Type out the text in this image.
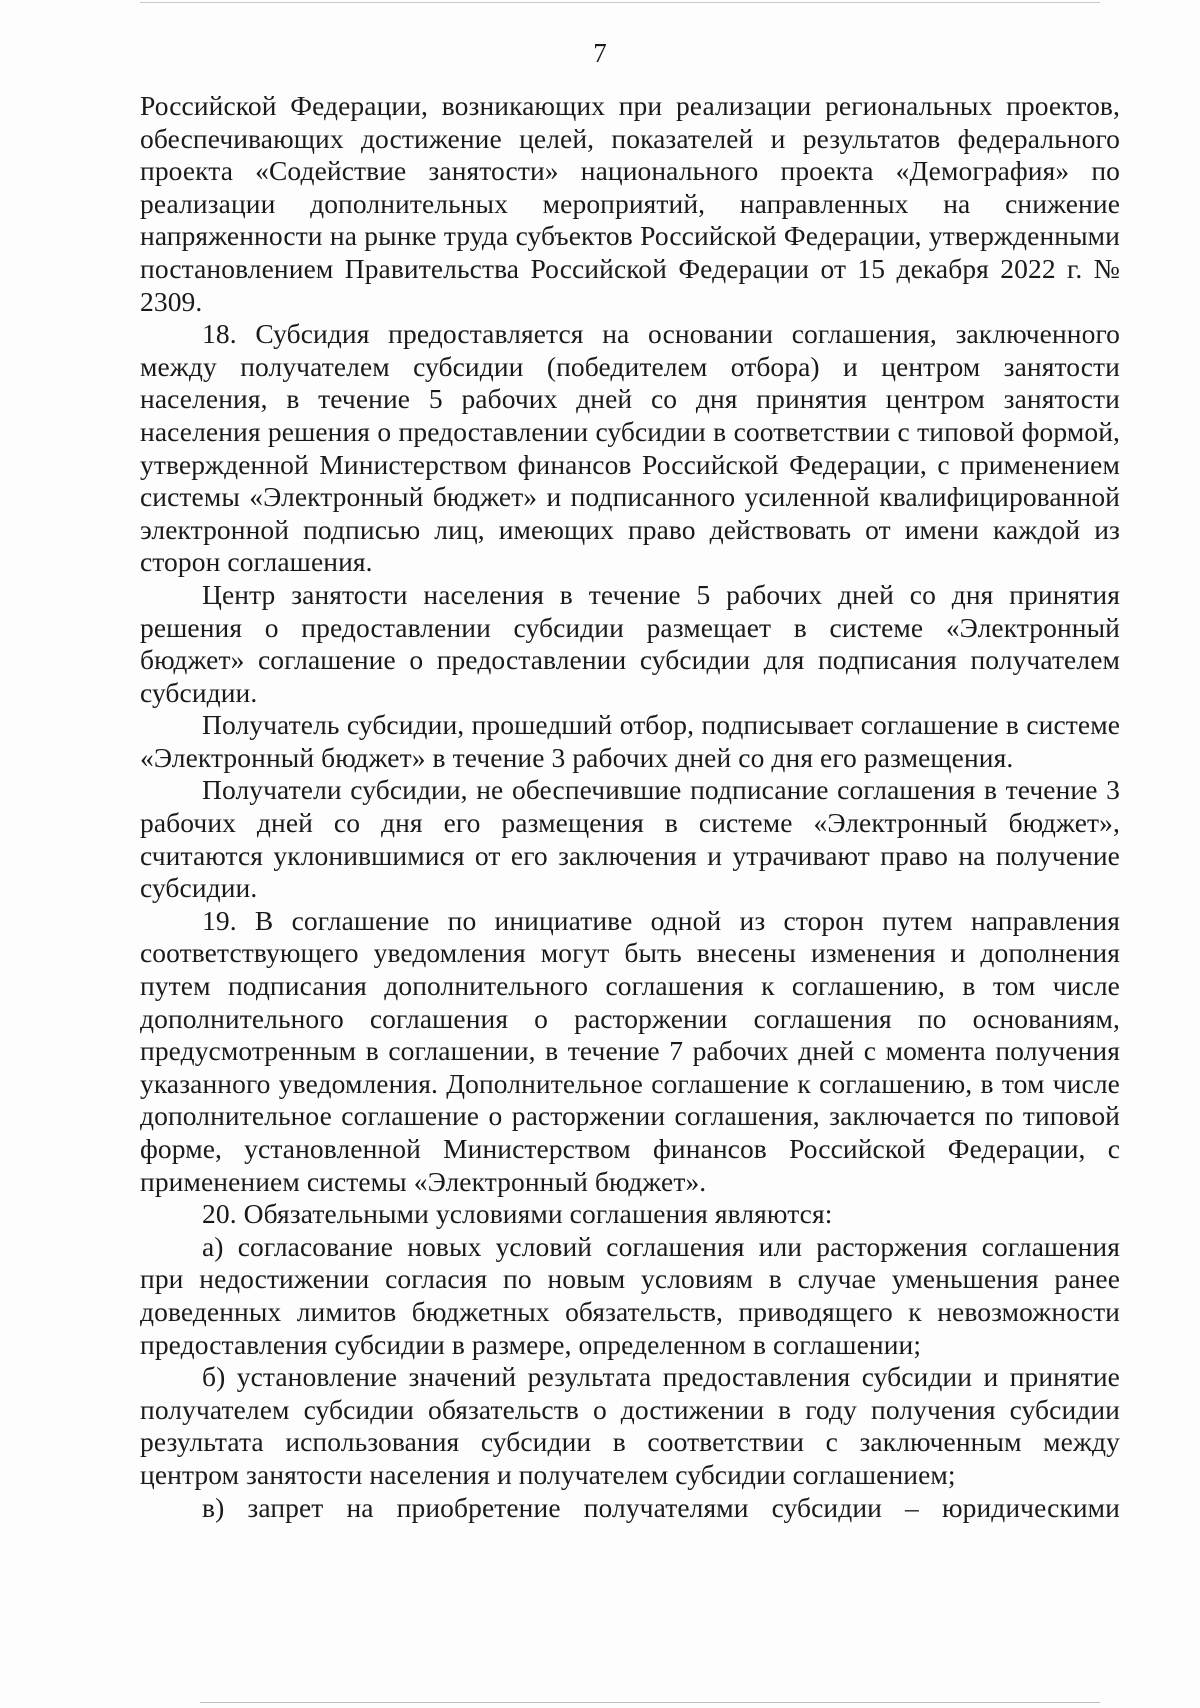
7

Российской Федерации, возникающих при реализации региональных проектов, обеспечивающих достижение целей, показателей и результатов федерального проекта «Содействие занятости» национального проекта «Демография» по реализации дополнительных мероприятий, направленных на снижение напряженности на рынке труда субъектов Российской Федерации, утвержденными постановлением Правительства Российской Федерации от 15 декабря 2022 г. № 2309.

18. Субсидия предоставляется на основании соглашения, заключенного между получателем субсидии (победителем отбора) и центром занятости населения, в течение 5 рабочих дней со дня принятия центром занятости населения решения о предоставлении субсидии в соответствии с типовой формой, утвержденной Министерством финансов Российской Федерации, с применением системы «Электронный бюджет» и подписанного усиленной квалифицированной электронной подписью лиц, имеющих право действовать от имени каждой из сторон соглашения.

Центр занятости населения в течение 5 рабочих дней со дня принятия решения о предоставлении субсидии размещает в системе «Электронный бюджет» соглашение о предоставлении субсидии для подписания получателем субсидии.

Получатель субсидии, прошедший отбор, подписывает соглашение в системе «Электронный бюджет» в течение 3 рабочих дней со дня его размещения.

Получатели субсидии, не обеспечившие подписание соглашения в течение 3 рабочих дней со дня его размещения в системе «Электронный бюджет», считаются уклонившимися от его заключения и утрачивают право на получение субсидии.

19. В соглашение по инициативе одной из сторон путем направления соответствующего уведомления могут быть внесены изменения и дополнения путем подписания дополнительного соглашения к соглашению, в том числе дополнительного соглашения о расторжении соглашения по основаниям, предусмотренным в соглашении, в течение 7 рабочих дней с момента получения указанного уведомления. Дополнительное соглашение к соглашению, в том числе дополнительное соглашение о расторжении соглашения, заключается по типовой форме, установленной Министерством финансов Российской Федерации, с применением системы «Электронный бюджет».

20. Обязательными условиями соглашения являются:

а) согласование новых условий соглашения или расторжения соглашения при недостижении согласия по новым условиям в случае уменьшения ранее доведенных лимитов бюджетных обязательств, приводящего к невозможности предоставления субсидии в размере, определенном в соглашении;

б) установление значений результата предоставления субсидии и принятие получателем субсидии обязательств о достижении в году получения субсидии результата использования субсидии в соответствии с заключенным между центром занятости населения и получателем субсидии соглашением;

в) запрет на приобретение получателями субсидии – юридическими
